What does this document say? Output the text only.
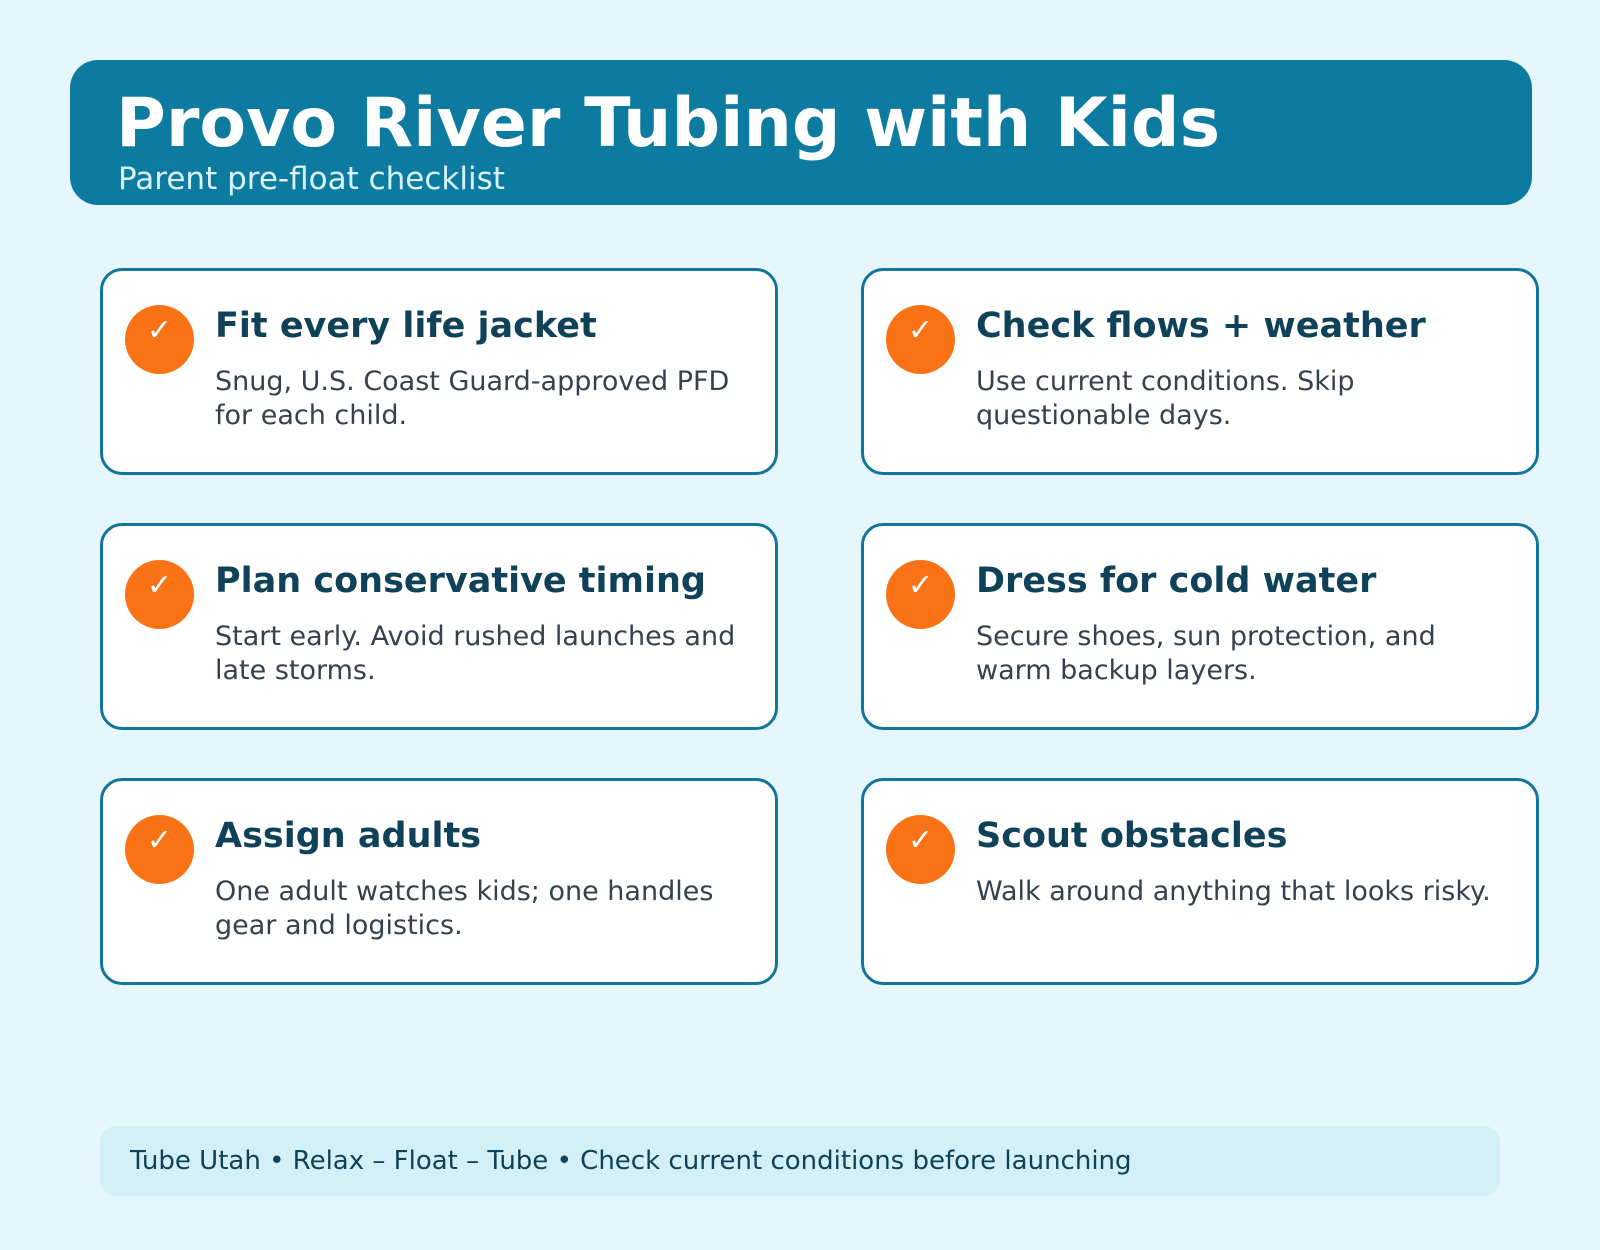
Provo River Tubing with Kids
Parent pre-float checklist
✓	Fit every life jacket
Snug, U.S. Coast Guard-approved PFD for each child.
✓	Check flows + weather
Use current conditions. Skip questionable days.
✓	Plan conservative timing
Start early. Avoid rushed launches and late storms.
✓	Dress for cold water
Secure shoes, sun protection, and warm backup layers.
✓	Assign adults
One adult watches kids; one handles gear and logistics.
✓	Scout obstacles
Walk around anything that looks risky.
Tube Utah • Relax – Float – Tube • Check current conditions before launching
